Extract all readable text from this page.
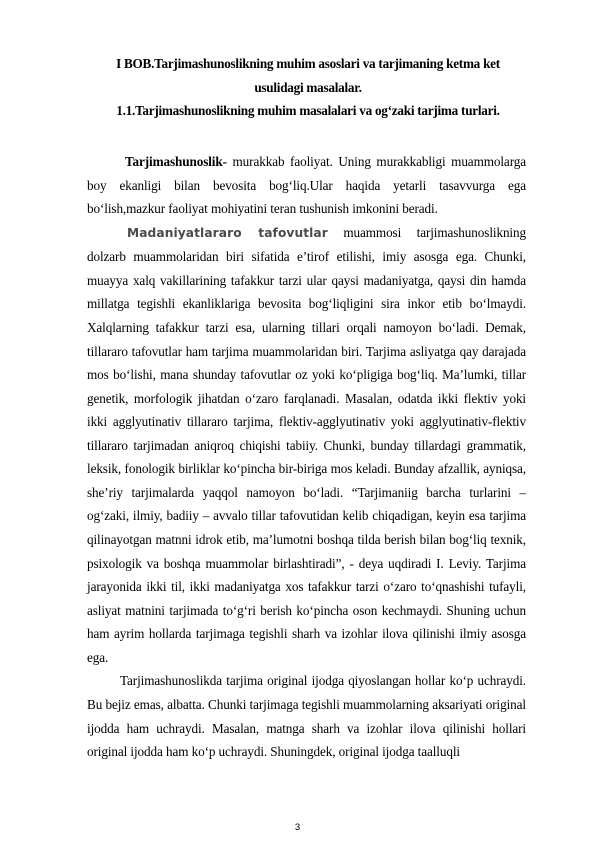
I BOB.Tarjimashunoslikning muhim asoslari va tarjimaning ketma ket
usulidagi masalalar.
1.1.Tarjimashunoslikning muhim masalalari va og‘zaki tarjima turlari.

Tarjimashunoslik- murakkab faoliyat. Uning murakkabligi muammolarga boy ekanligi bilan bevosita bog‘liq.Ular haqida yetarli tasavvurga ega bo‘lish,mazkur faoliyat mohiyatini teran tushunish imkonini beradi.

Madaniyatlararo tafovutlar muammosi tarjimashunoslikning dolzarb muammolaridan biri sifatida e’tirof etilishi, imiy asosga ega. Chunki, muayya xalq vakillarining tafakkur tarzi ular qaysi madaniyatga, qaysi din hamda millatga tegishli ekanliklariga bevosita bog‘liqligini sira inkor etib bo‘lmaydi. Xalqlarning tafakkur tarzi esa, ularning tillari orqali namoyon bo‘ladi. Demak, tillararo tafovutlar ham tarjima muammolaridan biri. Tarjima asliyatga qay darajada mos bo‘lishi, mana shunday tafovutlar oz yoki ko‘pligiga bog‘liq. Ma’lumki, tillar genetik, morfologik jihatdan o‘zaro farqlanadi. Masalan, odatda ikki flektiv yoki ikki agglyutinativ tillararo tarjima, flektiv-agglyutinativ yoki agglyutinativ-flektiv tillararo tarjimadan aniqroq chiqishi tabiiy. Chunki, bunday tillardagi grammatik, leksik, fonologik birliklar ko‘pincha bir-biriga mos keladi. Bunday afzallik, ayniqsa, she’riy tarjimalarda yaqqol namoyon bo‘ladi. “Tarjimaniig barcha turlarini – og‘zaki, ilmiy, badiiy – avvalo tillar tafovutidan kelib chiqadigan, keyin esa tarjima qilinayotgan matnni idrok etib, ma’lumotni boshqa tilda berish bilan bog‘liq texnik, psixologik va boshqa muammolar birlashtiradi”, - deya uqdiradi I. Leviy. Tarjima jarayonida ikki til, ikki madaniyatga xos tafakkur tarzi o‘zaro to‘qnashishi tufayli, asliyat matnini tarjimada to‘g‘ri berish ko‘pincha oson kechmaydi. Shuning uchun ham ayrim hollarda tarjimaga tegishli sharh va izohlar ilova qilinishi ilmiy asosga ega.

Tarjimashunoslikda tarjima original ijodga qiyoslangan hollar ko‘p uchraydi. Bu bejiz emas, albatta. Chunki tarjimaga tegishli muammolarning aksariyati original ijodda ham uchraydi. Masalan, matnga sharh va izohlar ilova qilinishi hollari original ijodda ham ko‘p uchraydi. Shuningdek, original ijodga taalluqli

3
